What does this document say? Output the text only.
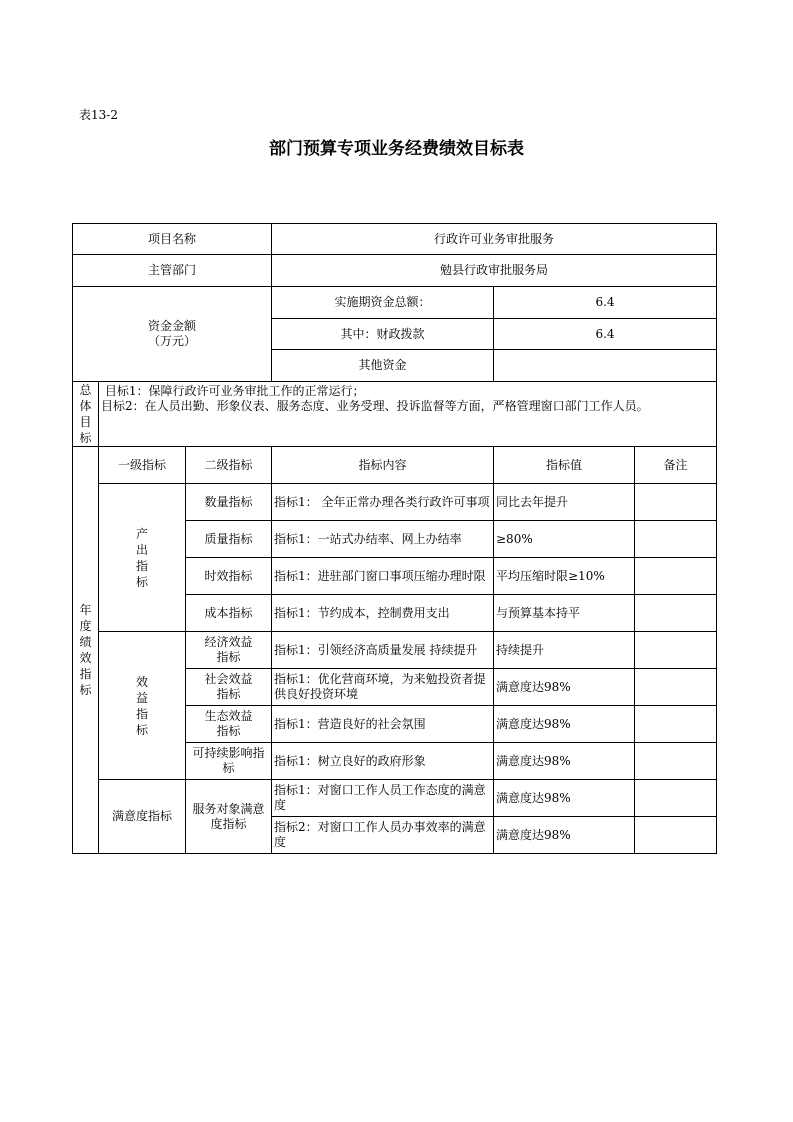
表13-2
部门预算专项业务经费绩效目标表
项目名称			行政许可业务审批服务		
主管部门			勉县行政审批服务局		
资金金额（万元）			实施期资金总额：	6.4	
			其中：财政拨款	6.4	
			其他资金		
总体目标	目标1：保障行政许可业务审批工作的正常运行；
目标2：在人员出勤、形象仪表、服务态度、业务受理、投诉监督等方面，严格管理窗口部门工作人员。				
年度绩效指标	一级指标	二级指标	指标内容	指标值	备注
	产出指标	数量指标	指标1： 全年正常办理各类行政许可事项	同比去年提升	
		质量指标	指标1：一站式办结率、网上办结率	≥80%	
		时效指标	指标1：进驻部门窗口事项压缩办理时限	平均压缩时限≥10%	
		成本指标	指标1：节约成本，控制费用支出	与预算基本持平	
	效益指标	经济效益指标	指标1：引领经济高质量发展 持续提升	持续提升	
		社会效益指标	指标1：优化营商环境，为来勉投资者提供良好投资环境	满意度达98%	
		生态效益指标	指标1：营造良好的社会氛围	满意度达98%	
		可持续影响指标	指标1：树立良好的政府形象	满意度达98%	
	满意度指标	服务对象满意度指标	指标1：对窗口工作人员工作态度的满意度	满意度达98%	
			指标2：对窗口工作人员办事效率的满意度	满意度达98%	
